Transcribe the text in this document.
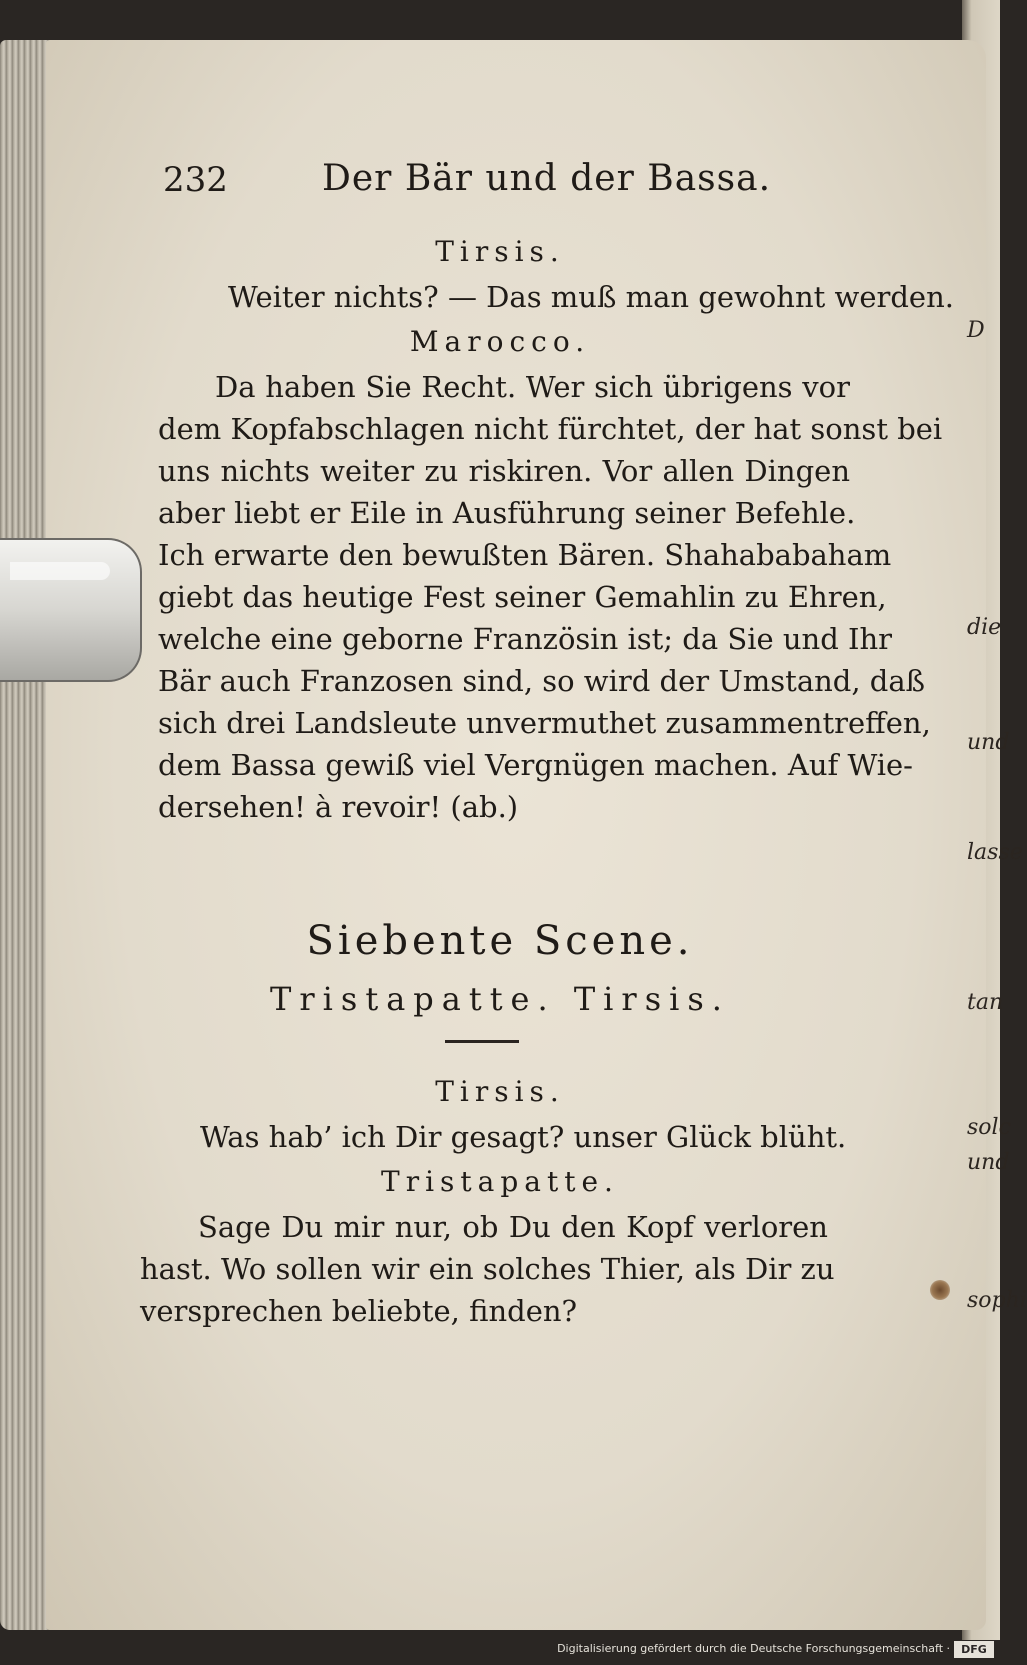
D
die
und
lasse
tan
solc
und
sophi
232	Der Bär und der Bassa.
Tirsis.
Weiter nichts? — Das muß man gewohnt werden.
Marocco.
Da haben Sie Recht. Wer sich übrigens vor
dem Kopfabschlagen nicht fürchtet, der hat sonst bei
uns nichts weiter zu riskiren. Vor allen Dingen
aber liebt er Eile in Ausführung seiner Befehle.
Ich erwarte den bewußten Bären. Shahababaham
giebt das heutige Fest seiner Gemahlin zu Ehren,
welche eine geborne Französin ist; da Sie und Ihr
Bär auch Franzosen sind, so wird der Umstand, daß
sich drei Landsleute unvermuthet zusammentreffen,
dem Bassa gewiß viel Vergnügen machen. Auf Wie-
dersehen! à revoir! (ab.)
Siebente Scene.
Tristapatte. Tirsis.
Tirsis.
Was hab’ ich Dir gesagt? unser Glück blüht.
Tristapatte.
Sage Du mir nur, ob Du den Kopf verloren
hast. Wo sollen wir ein solches Thier, als Dir zu
versprechen beliebte, finden?
Digitalisierung gefördert durch die Deutsche Forschungsgemeinschaft ·	DFG
